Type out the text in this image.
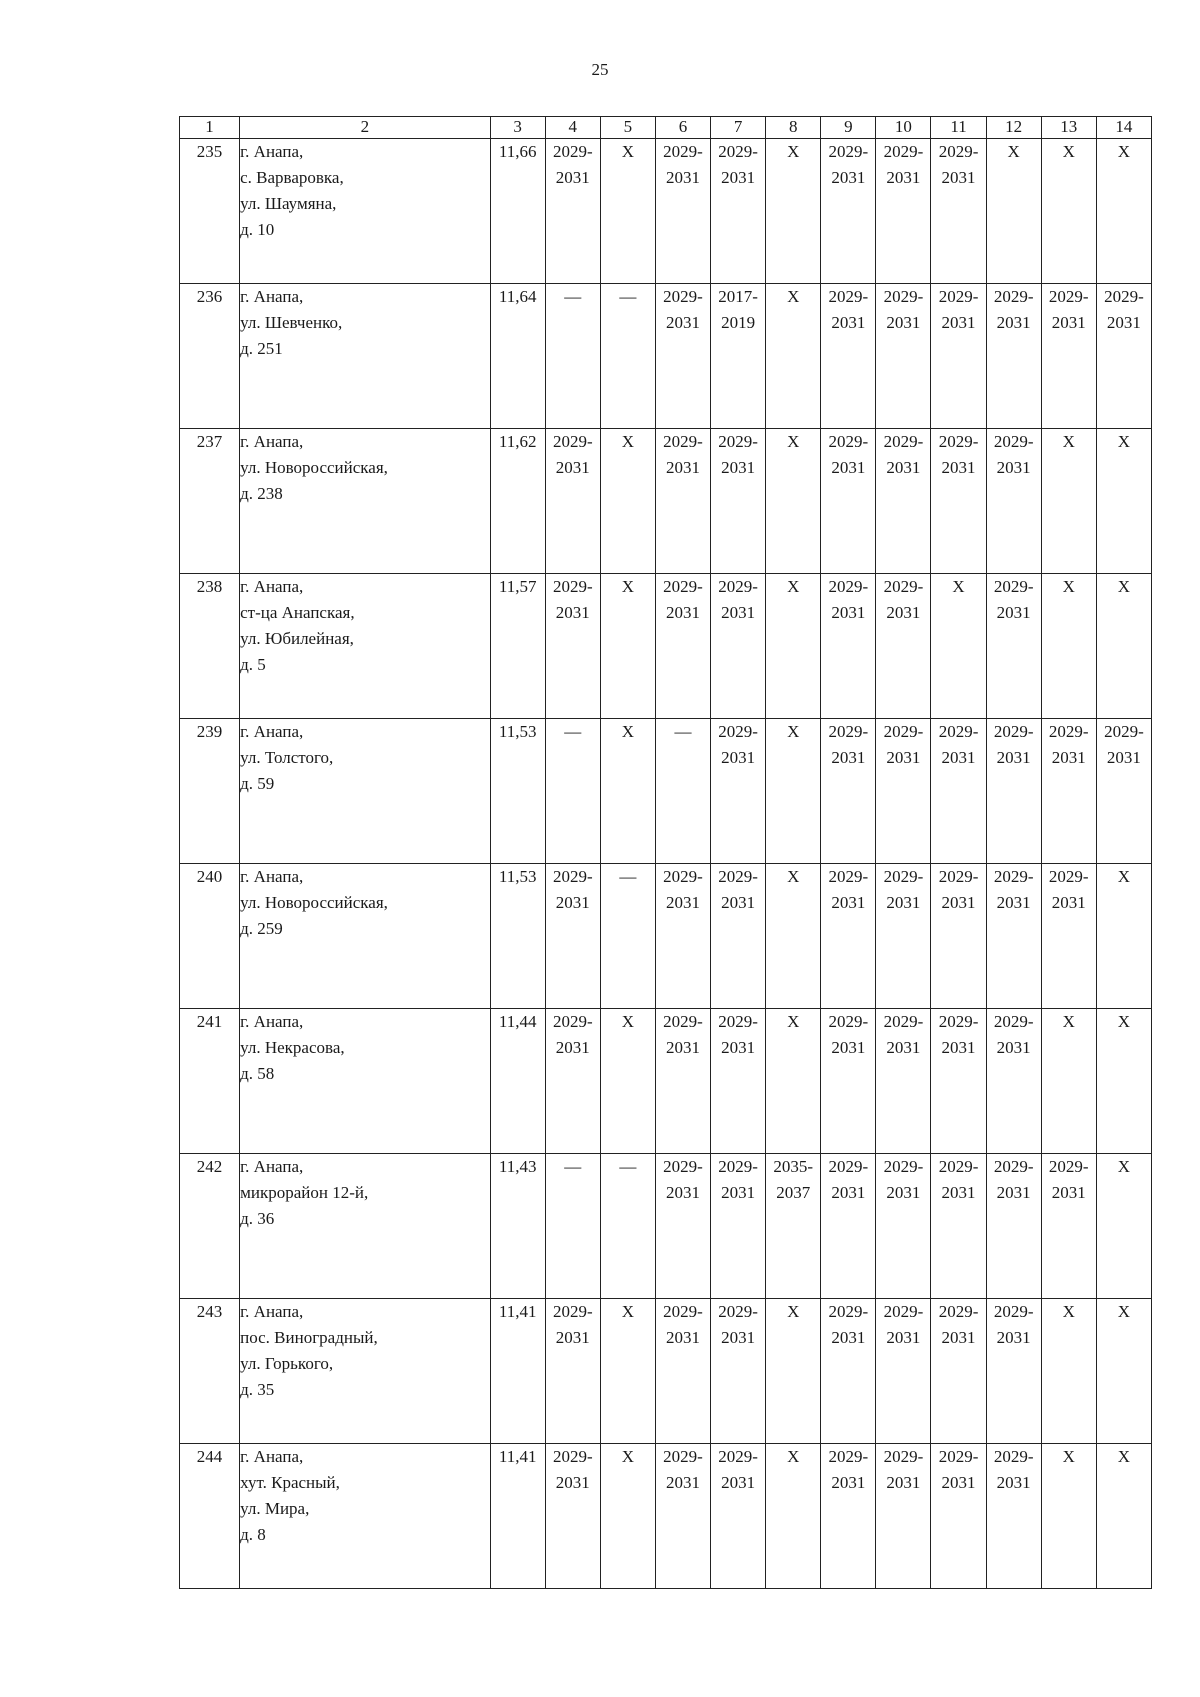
25
1	2	3	4	5	6	7	8	9	10	11	12	13	14
235	г. Анапа,
с. Варваровка,
ул. Шаумяна,
д. 10	11,66	2029-
2031	Х	2029-
2031	2029-
2031	Х	2029-
2031	2029-
2031	2029-
2031	Х	Х	Х
236	г. Анапа,
ул. Шевченко,
д. 251	11,64	—	—	2029-
2031	2017-
2019	Х	2029-
2031	2029-
2031	2029-
2031	2029-
2031	2029-
2031	2029-
2031
237	г. Анапа,
ул. Новороссийская,
д. 238	11,62	2029-
2031	Х	2029-
2031	2029-
2031	Х	2029-
2031	2029-
2031	2029-
2031	2029-
2031	Х	Х
238	г. Анапа,
ст-ца Анапская,
ул. Юбилейная,
д. 5	11,57	2029-
2031	Х	2029-
2031	2029-
2031	Х	2029-
2031	2029-
2031	Х	2029-
2031	Х	Х
239	г. Анапа,
ул. Толстого,
д. 59	11,53	—	Х	—	2029-
2031	Х	2029-
2031	2029-
2031	2029-
2031	2029-
2031	2029-
2031	2029-
2031
240	г. Анапа,
ул. Новороссийская,
д. 259	11,53	2029-
2031	—	2029-
2031	2029-
2031	Х	2029-
2031	2029-
2031	2029-
2031	2029-
2031	2029-
2031	Х
241	г. Анапа,
ул. Некрасова,
д. 58	11,44	2029-
2031	Х	2029-
2031	2029-
2031	Х	2029-
2031	2029-
2031	2029-
2031	2029-
2031	Х	Х
242	г. Анапа,
микрорайон 12-й,
д. 36	11,43	—	—	2029-
2031	2029-
2031	2035-
2037	2029-
2031	2029-
2031	2029-
2031	2029-
2031	2029-
2031	Х
243	г. Анапа,
пос. Виноградный,
ул. Горького,
д. 35	11,41	2029-
2031	Х	2029-
2031	2029-
2031	Х	2029-
2031	2029-
2031	2029-
2031	2029-
2031	Х	Х
244	г. Анапа,
хут. Красный,
ул. Мира,
д. 8	11,41	2029-
2031	Х	2029-
2031	2029-
2031	Х	2029-
2031	2029-
2031	2029-
2031	2029-
2031	Х	Х
